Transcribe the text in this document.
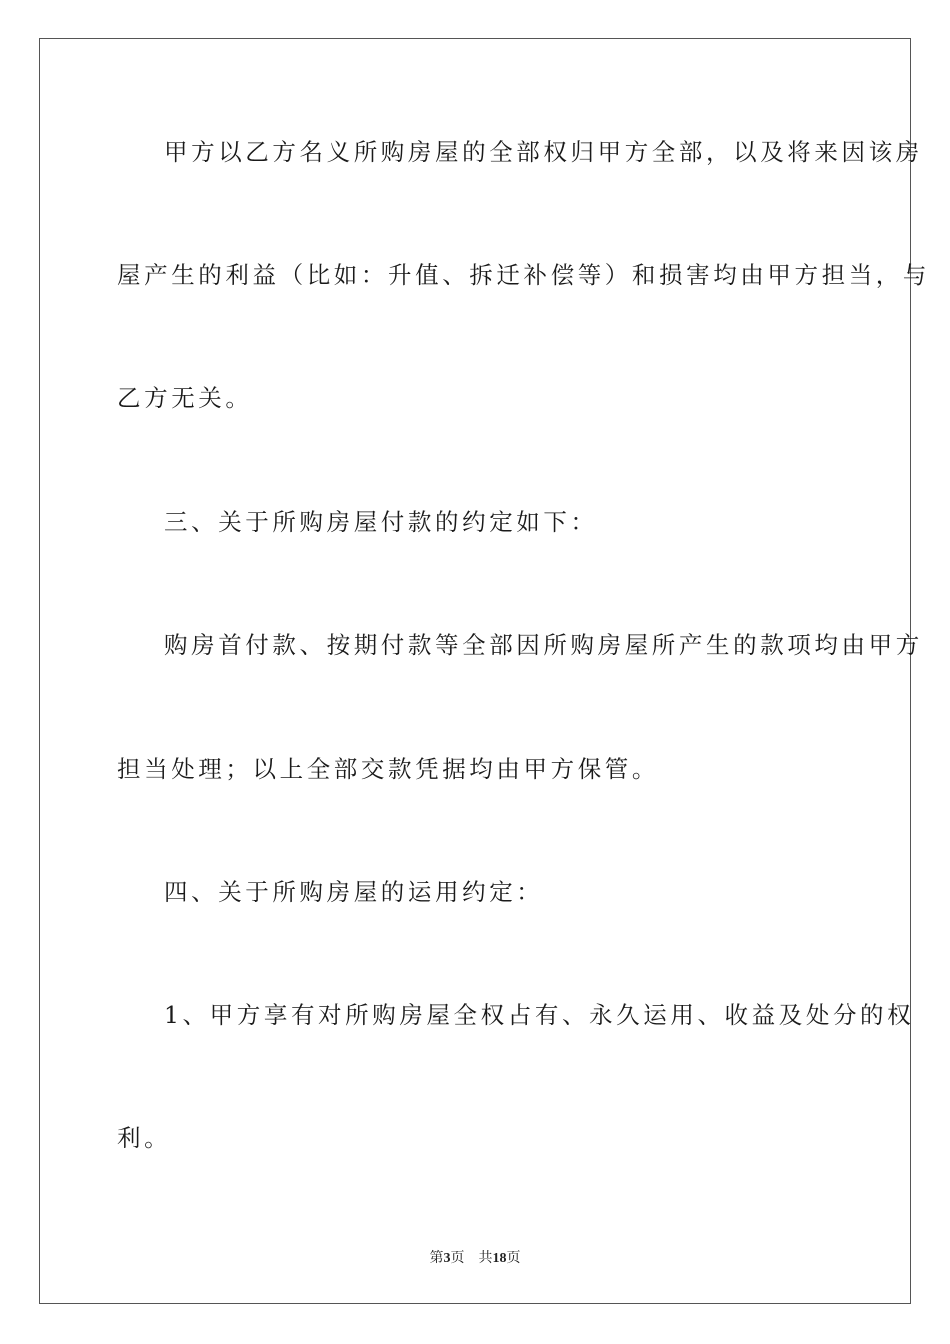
甲方以乙方名义所购房屋的全部权归甲方全部，以及将来因该房
屋产生的利益（比如：升值、拆迁补偿等）和损害均由甲方担当，与
乙方无关。
三、关于所购房屋付款的约定如下：
购房首付款、按期付款等全部因所购房屋所产生的款项均由甲方
担当处理；以上全部交款凭据均由甲方保管。
四、关于所购房屋的运用约定：
1、甲方享有对所购房屋全权占有、永久运用、收益及处分的权
利。
第3页 共18页
